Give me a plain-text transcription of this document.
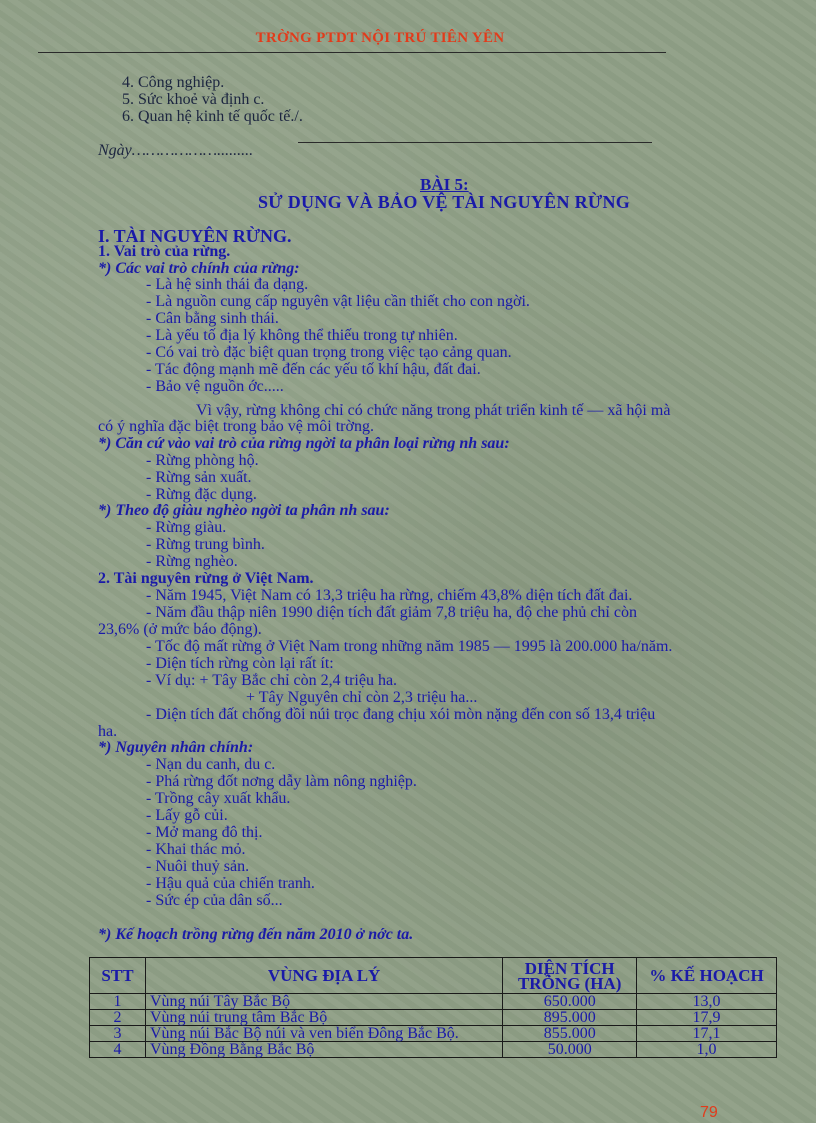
TRỜNG PTDT NỘI TRÚ TIÊN YÊN
4. Công nghiệp.
5. Sức khoẻ và định c.
6. Quan hệ kinh tế quốc tế./.
Ngày……………….........
BÀI 5:
SỬ DỤNG VÀ BẢO VỆ TÀI NGUYÊN RỪNG
I. TÀI NGUYÊN RỪNG.
1. Vai trò của rừng.
*) Các vai trò chính của rừng:
- Là hệ sinh thái đa dạng.
- Là nguồn cung cấp nguyên vật liệu cần thiết cho con ngời.
- Cân bằng sinh thái.
- Là yếu tố địa lý không thể thiếu trong tự nhiên.
- Có vai trò đặc biệt quan trọng trong việc tạo cảng quan.
- Tác động mạnh mẽ đến các yếu tố khí hậu, đất đai.
- Bảo vệ nguồn ớc.....
Vì vậy, rừng không chỉ có chức năng trong phát triển kinh tế — xã hội mà
có ý nghĩa đặc biệt trong bảo vệ môi trờng.
*) Căn cứ vào vai trò của rừng ngời ta phân loại rừng nh sau:
- Rừng phòng hộ.
- Rừng sản xuất.
- Rừng đặc dụng.
*) Theo độ giàu nghèo ngời ta phân nh sau:
- Rừng giàu.
- Rừng trung bình.
- Rừng nghèo.
2. Tài nguyên rừng ở Việt Nam.
- Năm 1945, Việt Nam có 13,3 triệu ha rừng, chiếm 43,8% diện tích đất đai.
- Năm đầu thập niên 1990 diện tích đất giảm 7,8 triệu ha, độ che phủ chỉ còn
23,6% (ở mức báo động).
- Tốc độ mất rừng ở Việt Nam trong những năm 1985 — 1995 là 200.000 ha/năm.
- Diện tích rừng còn lại rất ít:
- Ví dụ: + Tây Bắc chỉ còn 2,4 triệu ha.
+ Tây Nguyên chỉ còn 2,3 triệu ha...
- Diện tích đất chống đồi núi trọc đang chịu xói mòn nặng đến con số 13,4 triệu
ha.
*) Nguyên nhân chính:
- Nạn du canh, du c.
- Phá rừng đốt nơng dẫy làm nông nghiệp.
- Trồng cây xuất khẩu.
- Lấy gỗ củi.
- Mở mang đô thị.
- Khai thác mỏ.
- Nuôi thuỷ sản.
- Hậu quả của chiến tranh.
- Sức ép của dân số...
*) Kế hoạch trồng rừng đến năm 2010 ở nớc ta.
STT	VÙNG ĐỊA LÝ	DIỆN TÍCH TRỒNG (HA)	% KẾ HOẠCH
1	Vùng núi Tây Bắc Bộ	650.000	13,0
2	Vùng núi trung tâm Bắc Bộ	895.000	17,9
3	Vùng núi Bắc Bộ núi và ven biển Đông Bắc Bộ.	855.000	17,1
4	Vùng Đồng Bằng Bắc Bộ	50.000	1,0
79
